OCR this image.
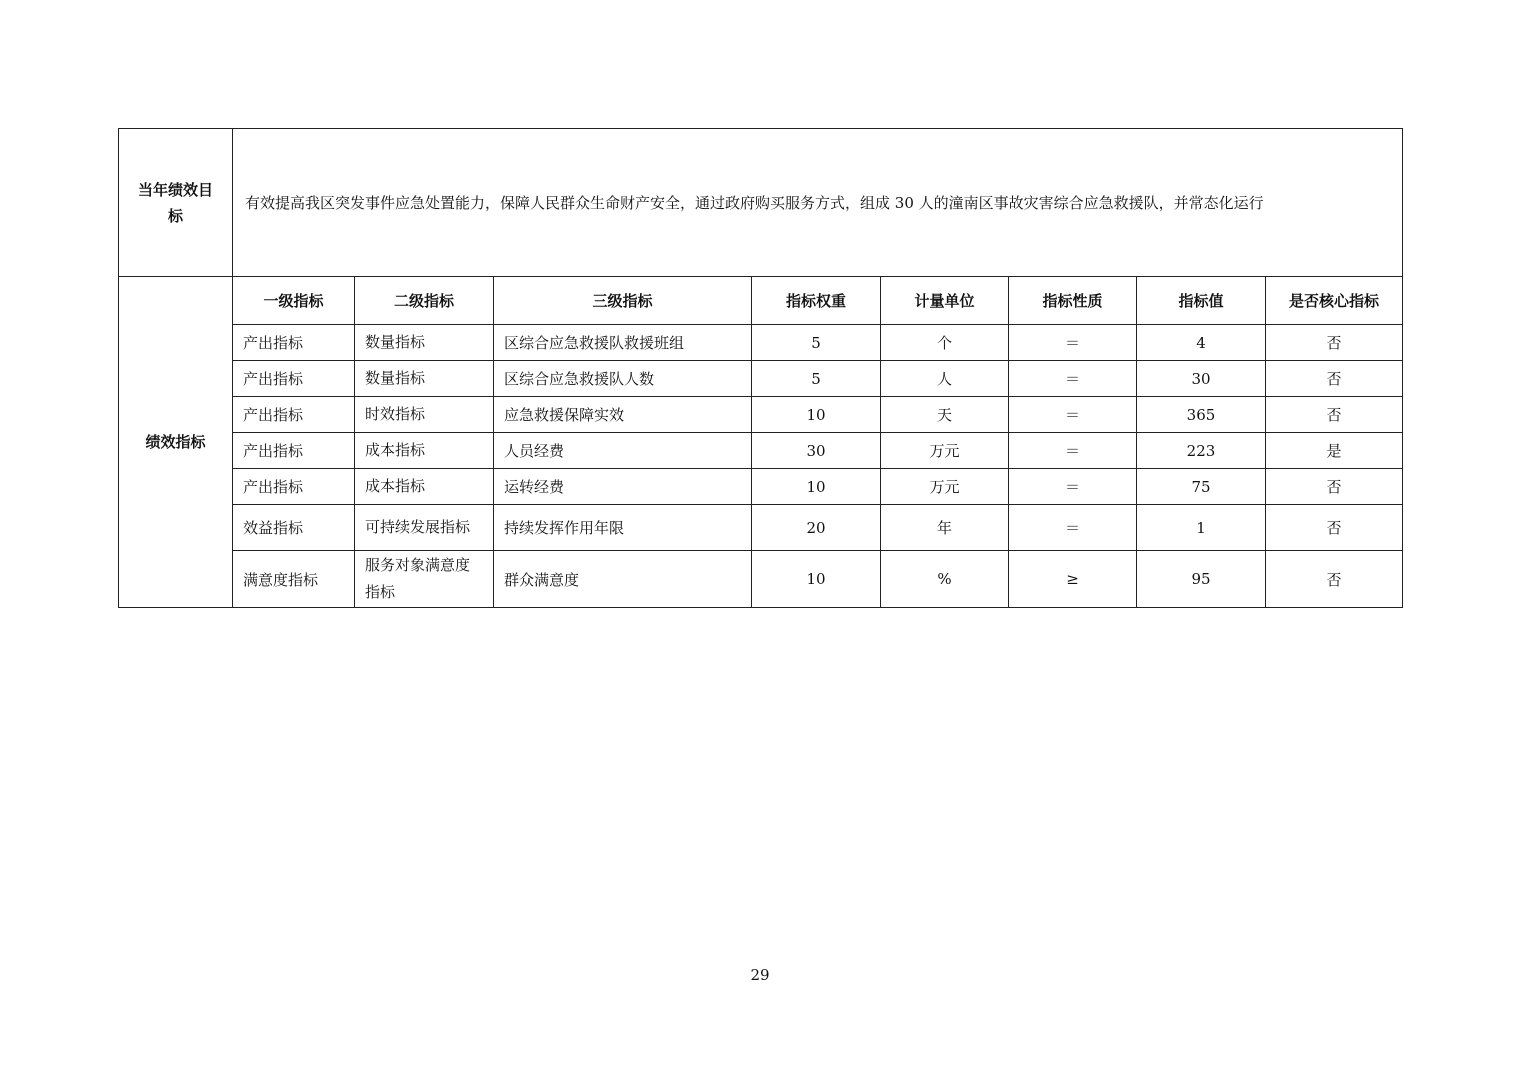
当年绩效目标	有效提高我区突发事件应急处置能力，保障人民群众生命财产安全，通过政府购买服务方式，组成 30 人的潼南区事故灾害综合应急救援队，并常态化运行							
绩效指标	一级指标	二级指标	三级指标	指标权重	计量单位	指标性质	指标值	是否核心指标
	产出指标	数量指标	区综合应急救援队救援班组	5	个	＝	4	否
	产出指标	数量指标	区综合应急救援队人数	5	人	＝	30	否
	产出指标	时效指标	应急救援保障实效	10	天	＝	365	否
	产出指标	成本指标	人员经费	30	万元	＝	223	是
	产出指标	成本指标	运转经费	10	万元	＝	75	否
	效益指标	可持续发展指标	持续发挥作用年限	20	年	＝	1	否
	满意度指标	服务对象满意度指标	群众满意度	10	%	≥	95	否
29
